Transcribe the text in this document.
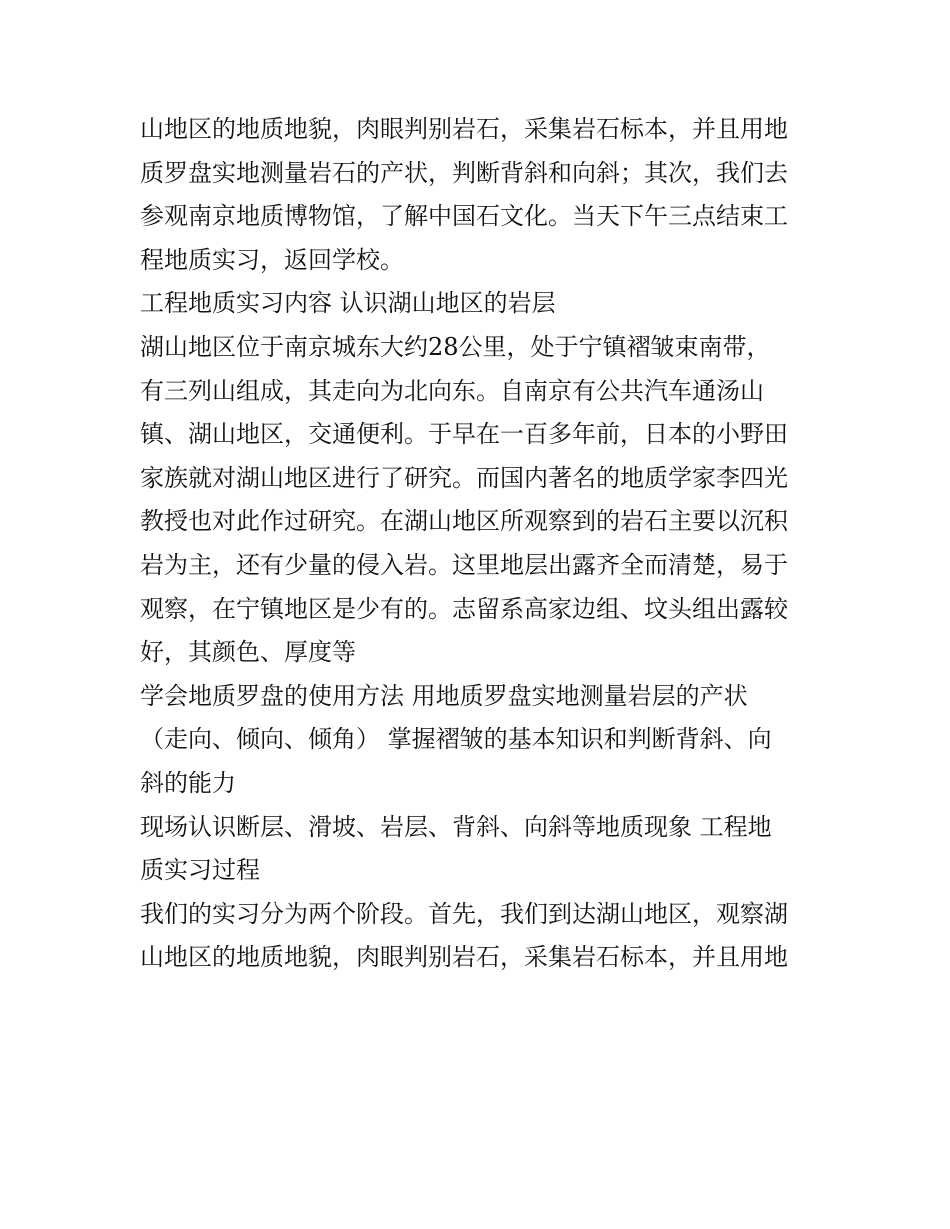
山地区的地质地貌，肉眼判别岩石，采集岩石标本，并且用地
质罗盘实地测量岩石的产状，判断背斜和向斜；其次，我们去
参观南京地质博物馆，了解中国石文化。当天下午三点结束工
程地质实习，返回学校。
工程地质实习内容 认识湖山地区的岩层
湖山地区位于南京城东大约28公里，处于宁镇褶皱束南带，
有三列山组成，其走向为北向东。自南京有公共汽车通汤山
镇、湖山地区，交通便利。于早在一百多年前，日本的小野田
家族就对湖山地区进行了研究。而国内著名的地质学家李四光
教授也对此作过研究。在湖山地区所观察到的岩石主要以沉积
岩为主，还有少量的侵入岩。这里地层出露齐全而清楚，易于
观察，在宁镇地区是少有的。志留系高家边组、坟头组出露较
好，其颜色、厚度等
学会地质罗盘的使用方法 用地质罗盘实地测量岩层的产状
（走向、倾向、倾角） 掌握褶皱的基本知识和判断背斜、向
斜的能力
现场认识断层、滑坡、岩层、背斜、向斜等地质现象 工程地
质实习过程
我们的实习分为两个阶段。首先，我们到达湖山地区，观察湖
山地区的地质地貌，肉眼判别岩石，采集岩石标本，并且用地
